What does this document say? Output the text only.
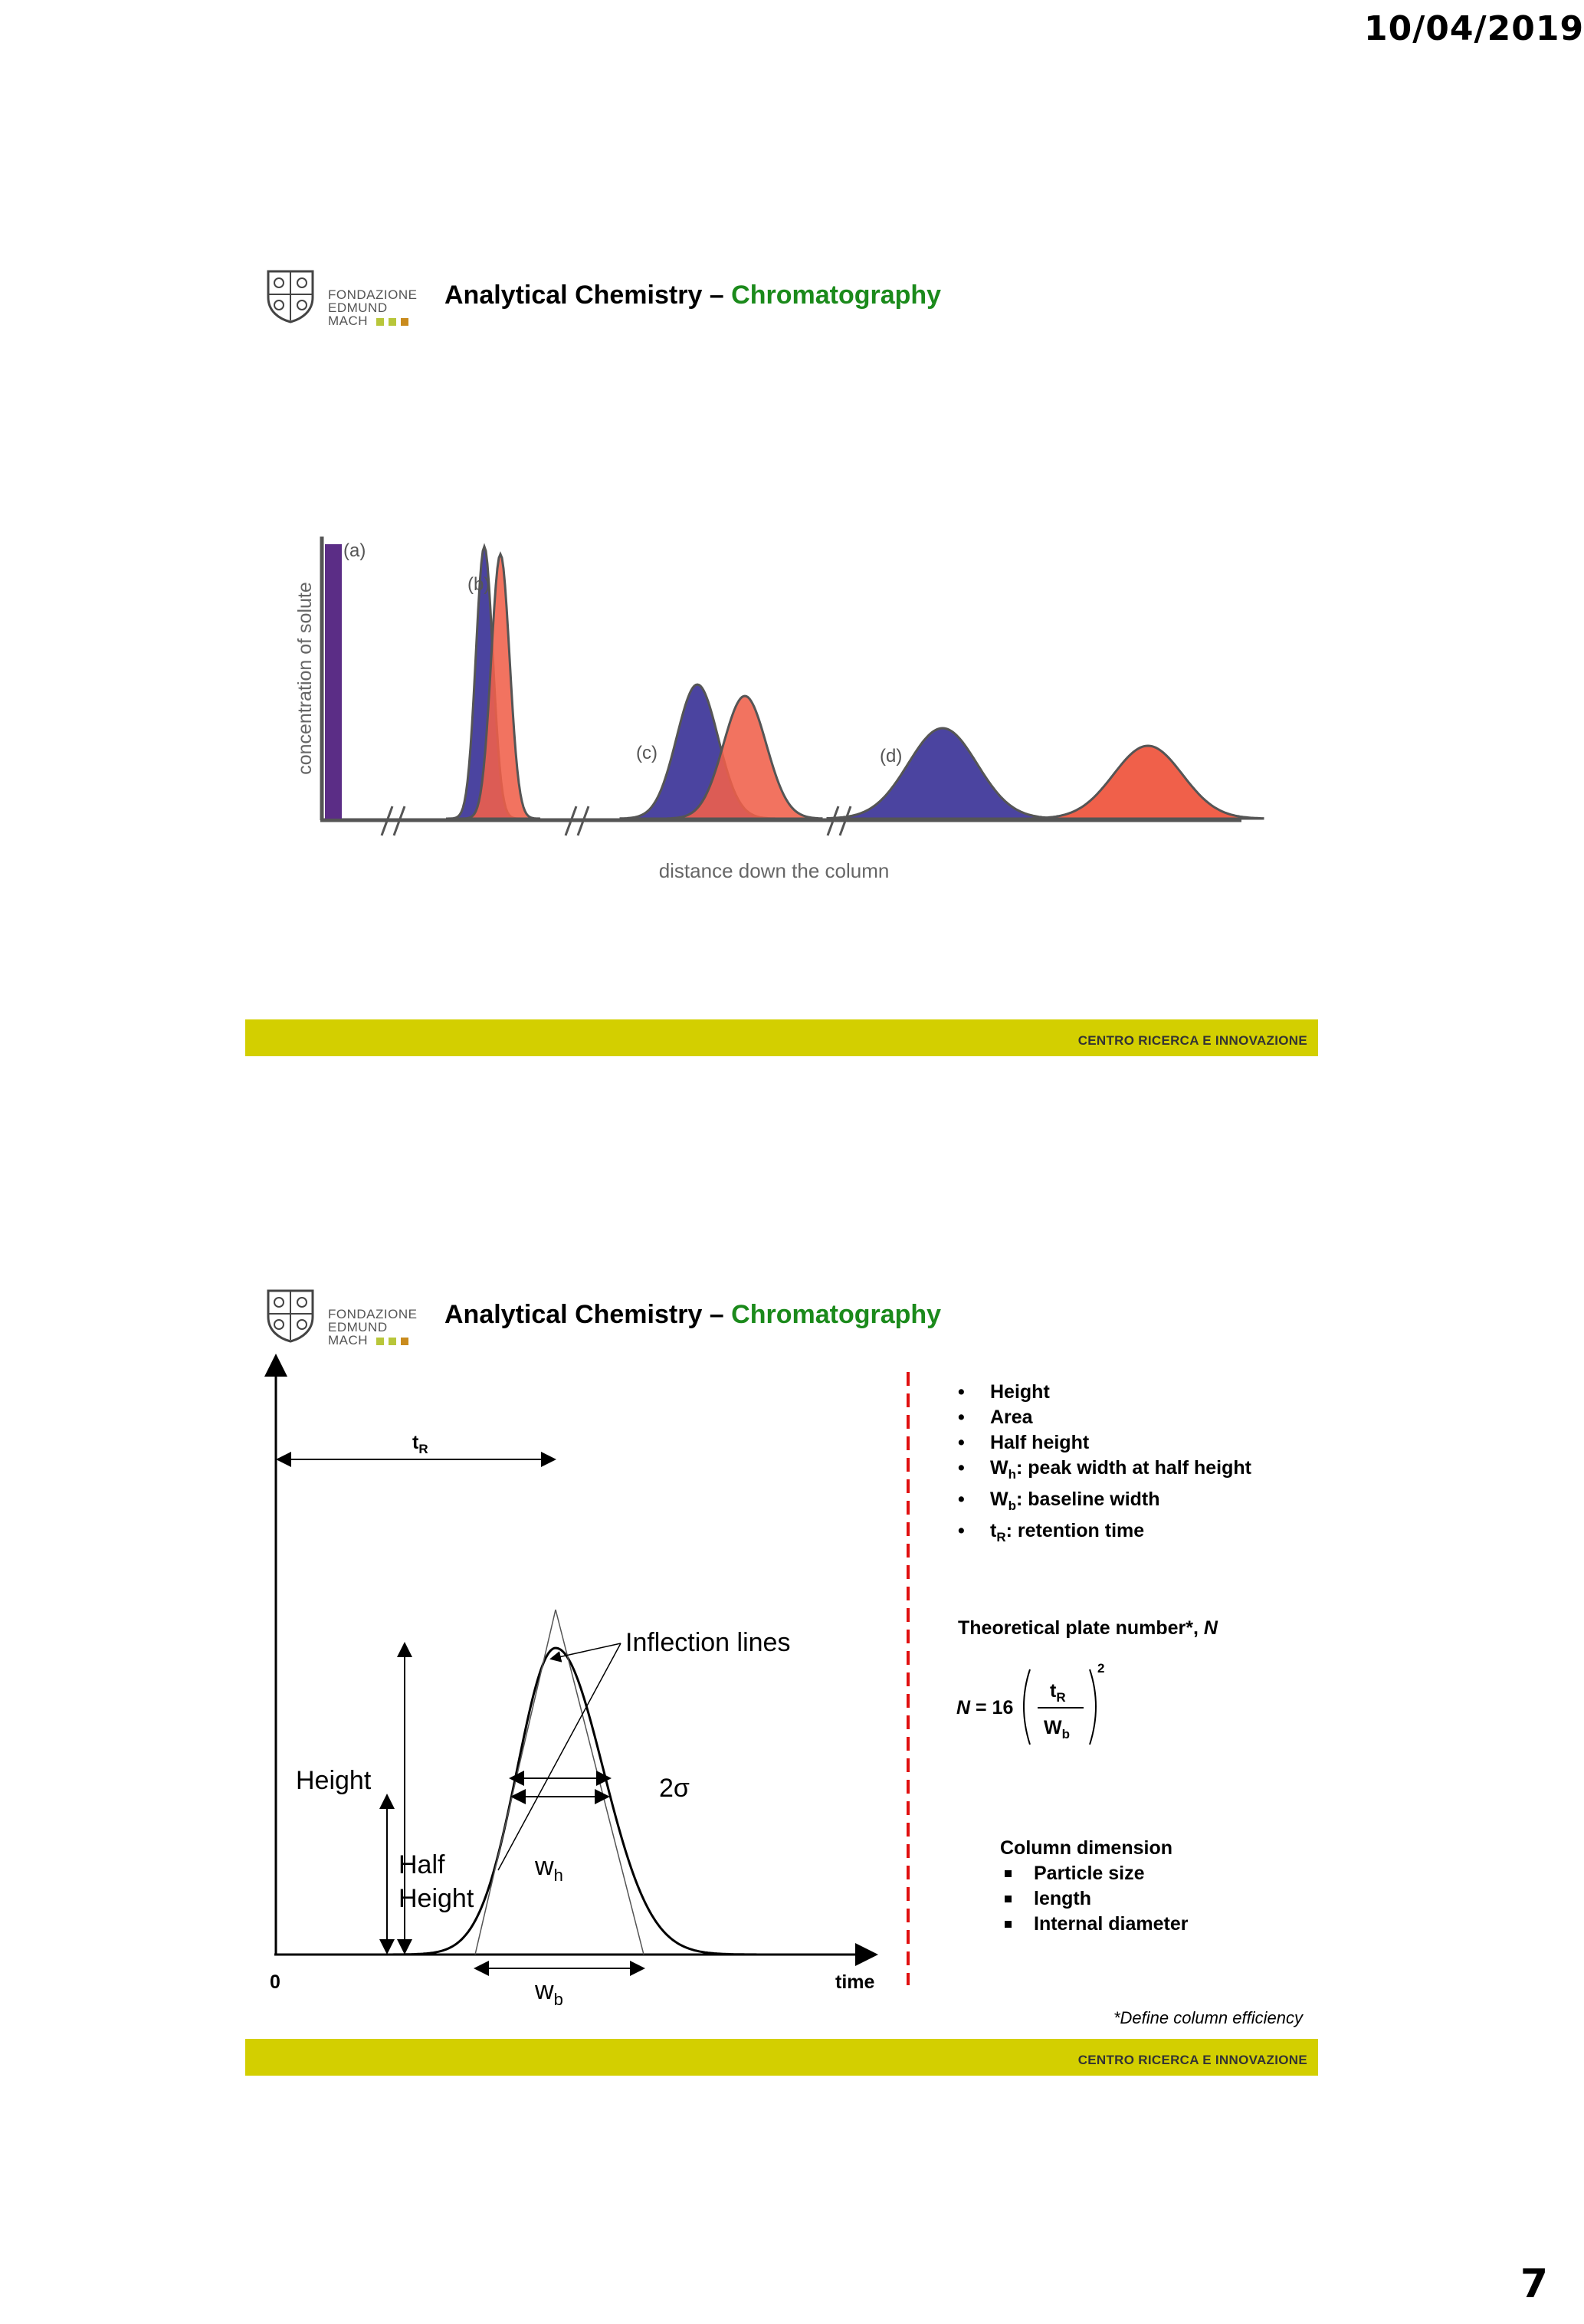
10/04/2019
FONDAZIONE
EDMUND
MACH
Analytical Chemistry – Chromatography
(a)
(b)
(c)	(d)
concentration of solute
distance down the column
CENTRO RICERCA E INNOVAZIONE
FONDAZIONE
EDMUND
MACH
Analytical Chemistry – Chromatography
$t_R$
Inflection lines
Height
Half
Height
$w_h$
2σ
$w_b$
0	time
• Height
• Area
• Half height
• $W_h$: peak width at half height
• $W_b$: baseline width
• $t_R$: retention time
Theoretical plate number*, N
N = 16
$t_R$
$W_b$
2
Column dimension
Particle size
length
Internal diameter
*Define column efficiency
CENTRO RICERCA E INNOVAZIONE
7
